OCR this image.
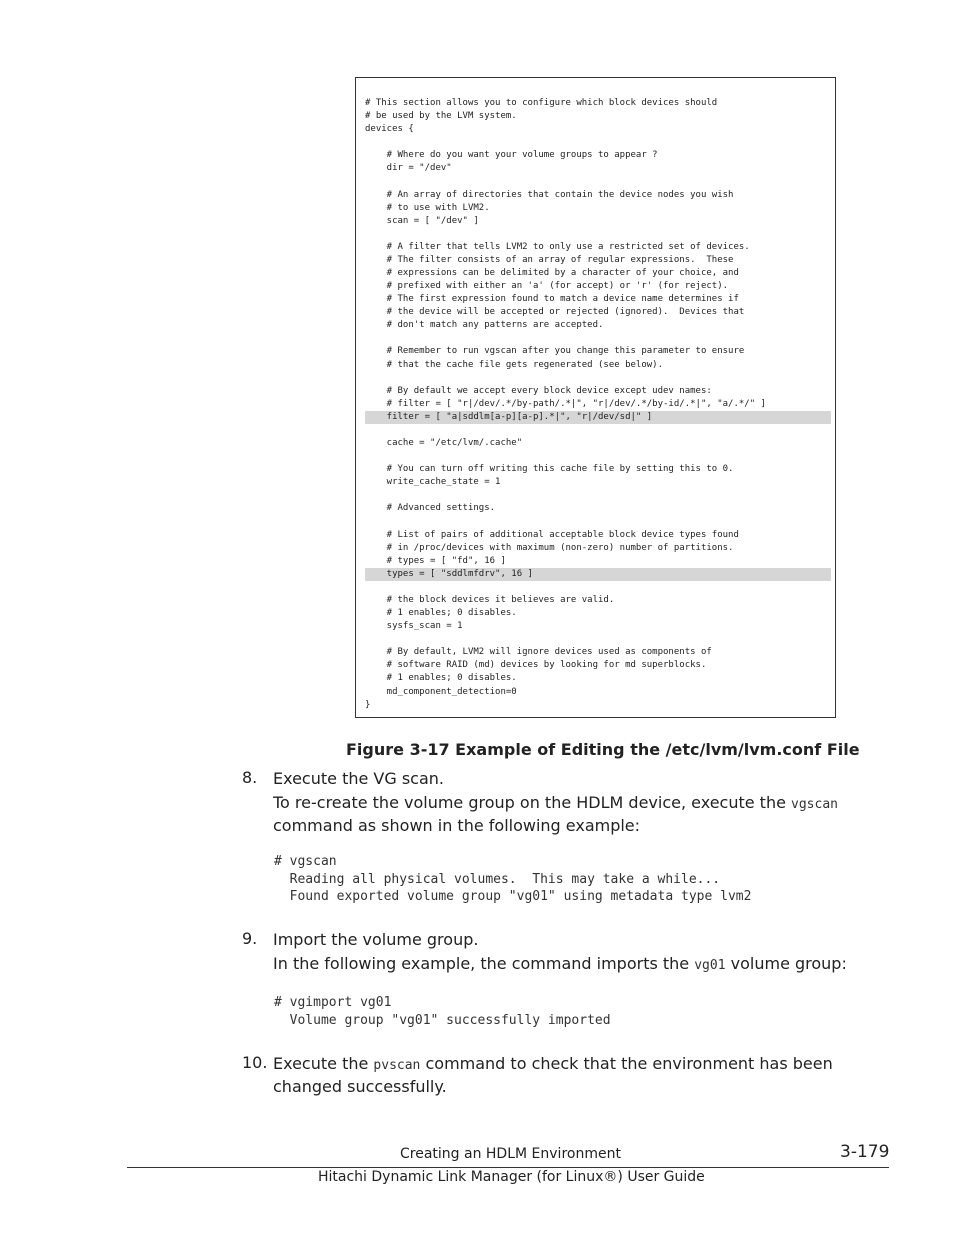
# This section allows you to configure which block devices should
# be used by the LVM system.
devices {
# Where do you want your volume groups to appear ?
dir = "/dev"
# An array of directories that contain the device nodes you wish
# to use with LVM2.
scan = [ "/dev" ]
# A filter that tells LVM2 to only use a restricted set of devices.
# The filter consists of an array of regular expressions.  These
# expressions can be delimited by a character of your choice, and
# prefixed with either an 'a' (for accept) or 'r' (for reject).
# The first expression found to match a device name determines if
# the device will be accepted or rejected (ignored).  Devices that
# don't match any patterns are accepted.
# Remember to run vgscan after you change this parameter to ensure
# that the cache file gets regenerated (see below).
# By default we accept every block device except udev names:
# filter = [ "r|/dev/.*/by-path/.*|", "r|/dev/.*/by-id/.*|", "a/.*/" ]
filter = [ "a|sddlm[a-p][a-p].*|", "r|/dev/sd|" ]
cache = "/etc/lvm/.cache"
# You can turn off writing this cache file by setting this to 0.
write_cache_state = 1
# Advanced settings.
# List of pairs of additional acceptable block device types found
# in /proc/devices with maximum (non-zero) number of partitions.
# types = [ "fd", 16 ]
types = [ "sddlmfdrv", 16 ]
# the block devices it believes are valid.
# 1 enables; 0 disables.
sysfs_scan = 1
# By default, LVM2 will ignore devices used as components of
# software RAID (md) devices by looking for md superblocks.
# 1 enables; 0 disables.
md_component_detection=0
}
Figure 3-17 Example of Editing the /etc/lvm/lvm.conf File
8. Execute the VG scan.
To re-create the volume group on the HDLM device, execute the vgscan
command as shown in the following example:
# vgscan
Reading all physical volumes.  This may take a while...
Found exported volume group "vg01" using metadata type lvm2
9. Import the volume group.
In the following example, the command imports the vg01 volume group:
# vgimport vg01
Volume group "vg01" successfully imported
10. Execute the pvscan command to check that the environment has been
changed successfully.
Creating an HDLM Environment	3-179
Hitachi Dynamic Link Manager (for Linux®) User Guide
